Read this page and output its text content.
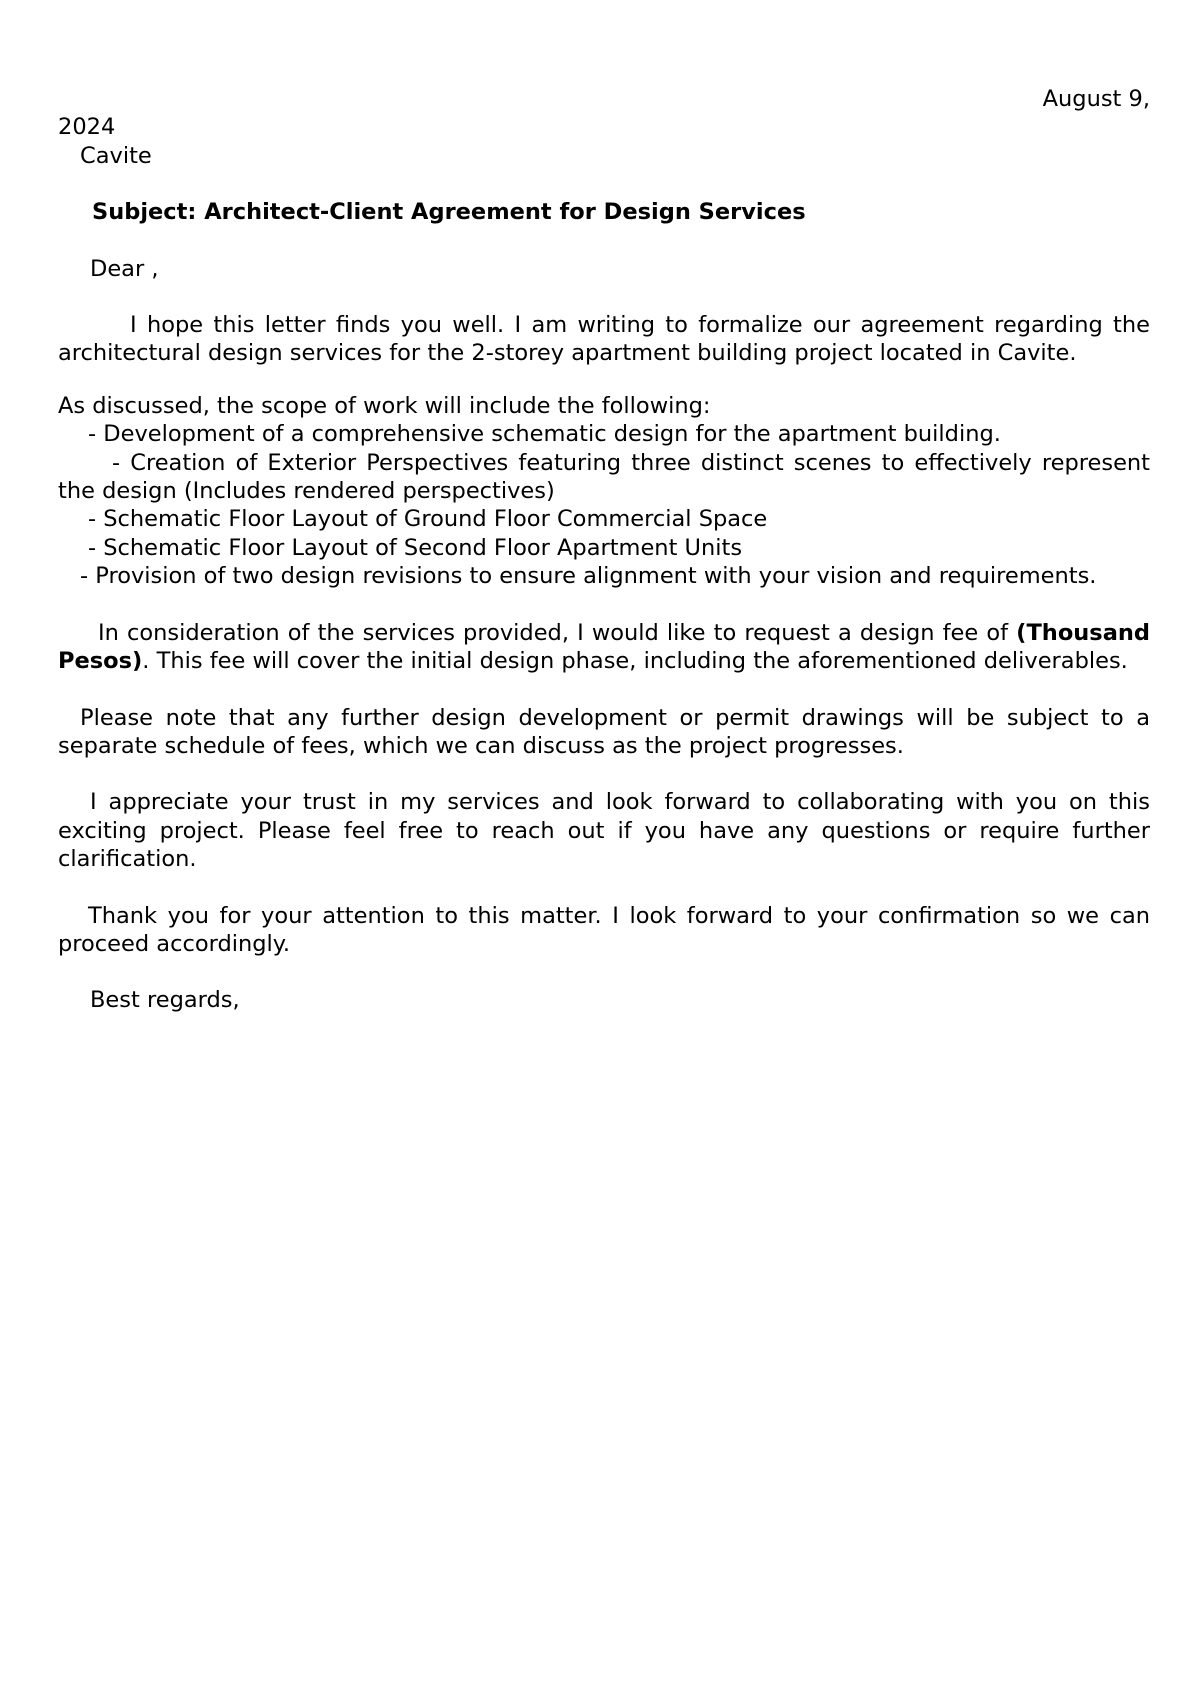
August 9,
2024
Cavite
Subject: Architect-Client Agreement for Design Services
Dear ,

I hope this letter finds you well. I am writing to formalize our agreement regarding the architectural design services for the 2-storey apartment building project located in Cavite.

As discussed, the scope of work will include the following:

- Development of a comprehensive schematic design for the apartment building.
- Creation of Exterior Perspectives featuring three distinct scenes to effectively represent the design (Includes rendered perspectives)
- Schematic Floor Layout of Ground Floor Commercial Space
- Schematic Floor Layout of Second Floor Apartment Units
- Provision of two design revisions to ensure alignment with your vision and requirements.

In consideration of the services provided, I would like to request a design fee of (Thousand Pesos). This fee will cover the initial design phase, including the aforementioned deliverables.

Please note that any further design development or permit drawings will be subject to a separate schedule of fees, which we can discuss as the project progresses.

I appreciate your trust in my services and look forward to collaborating with you on this exciting project. Please feel free to reach out if you have any questions or require further clarification.

Thank you for your attention to this matter. I look forward to your confirmation so we can proceed accordingly.

Best regards,
